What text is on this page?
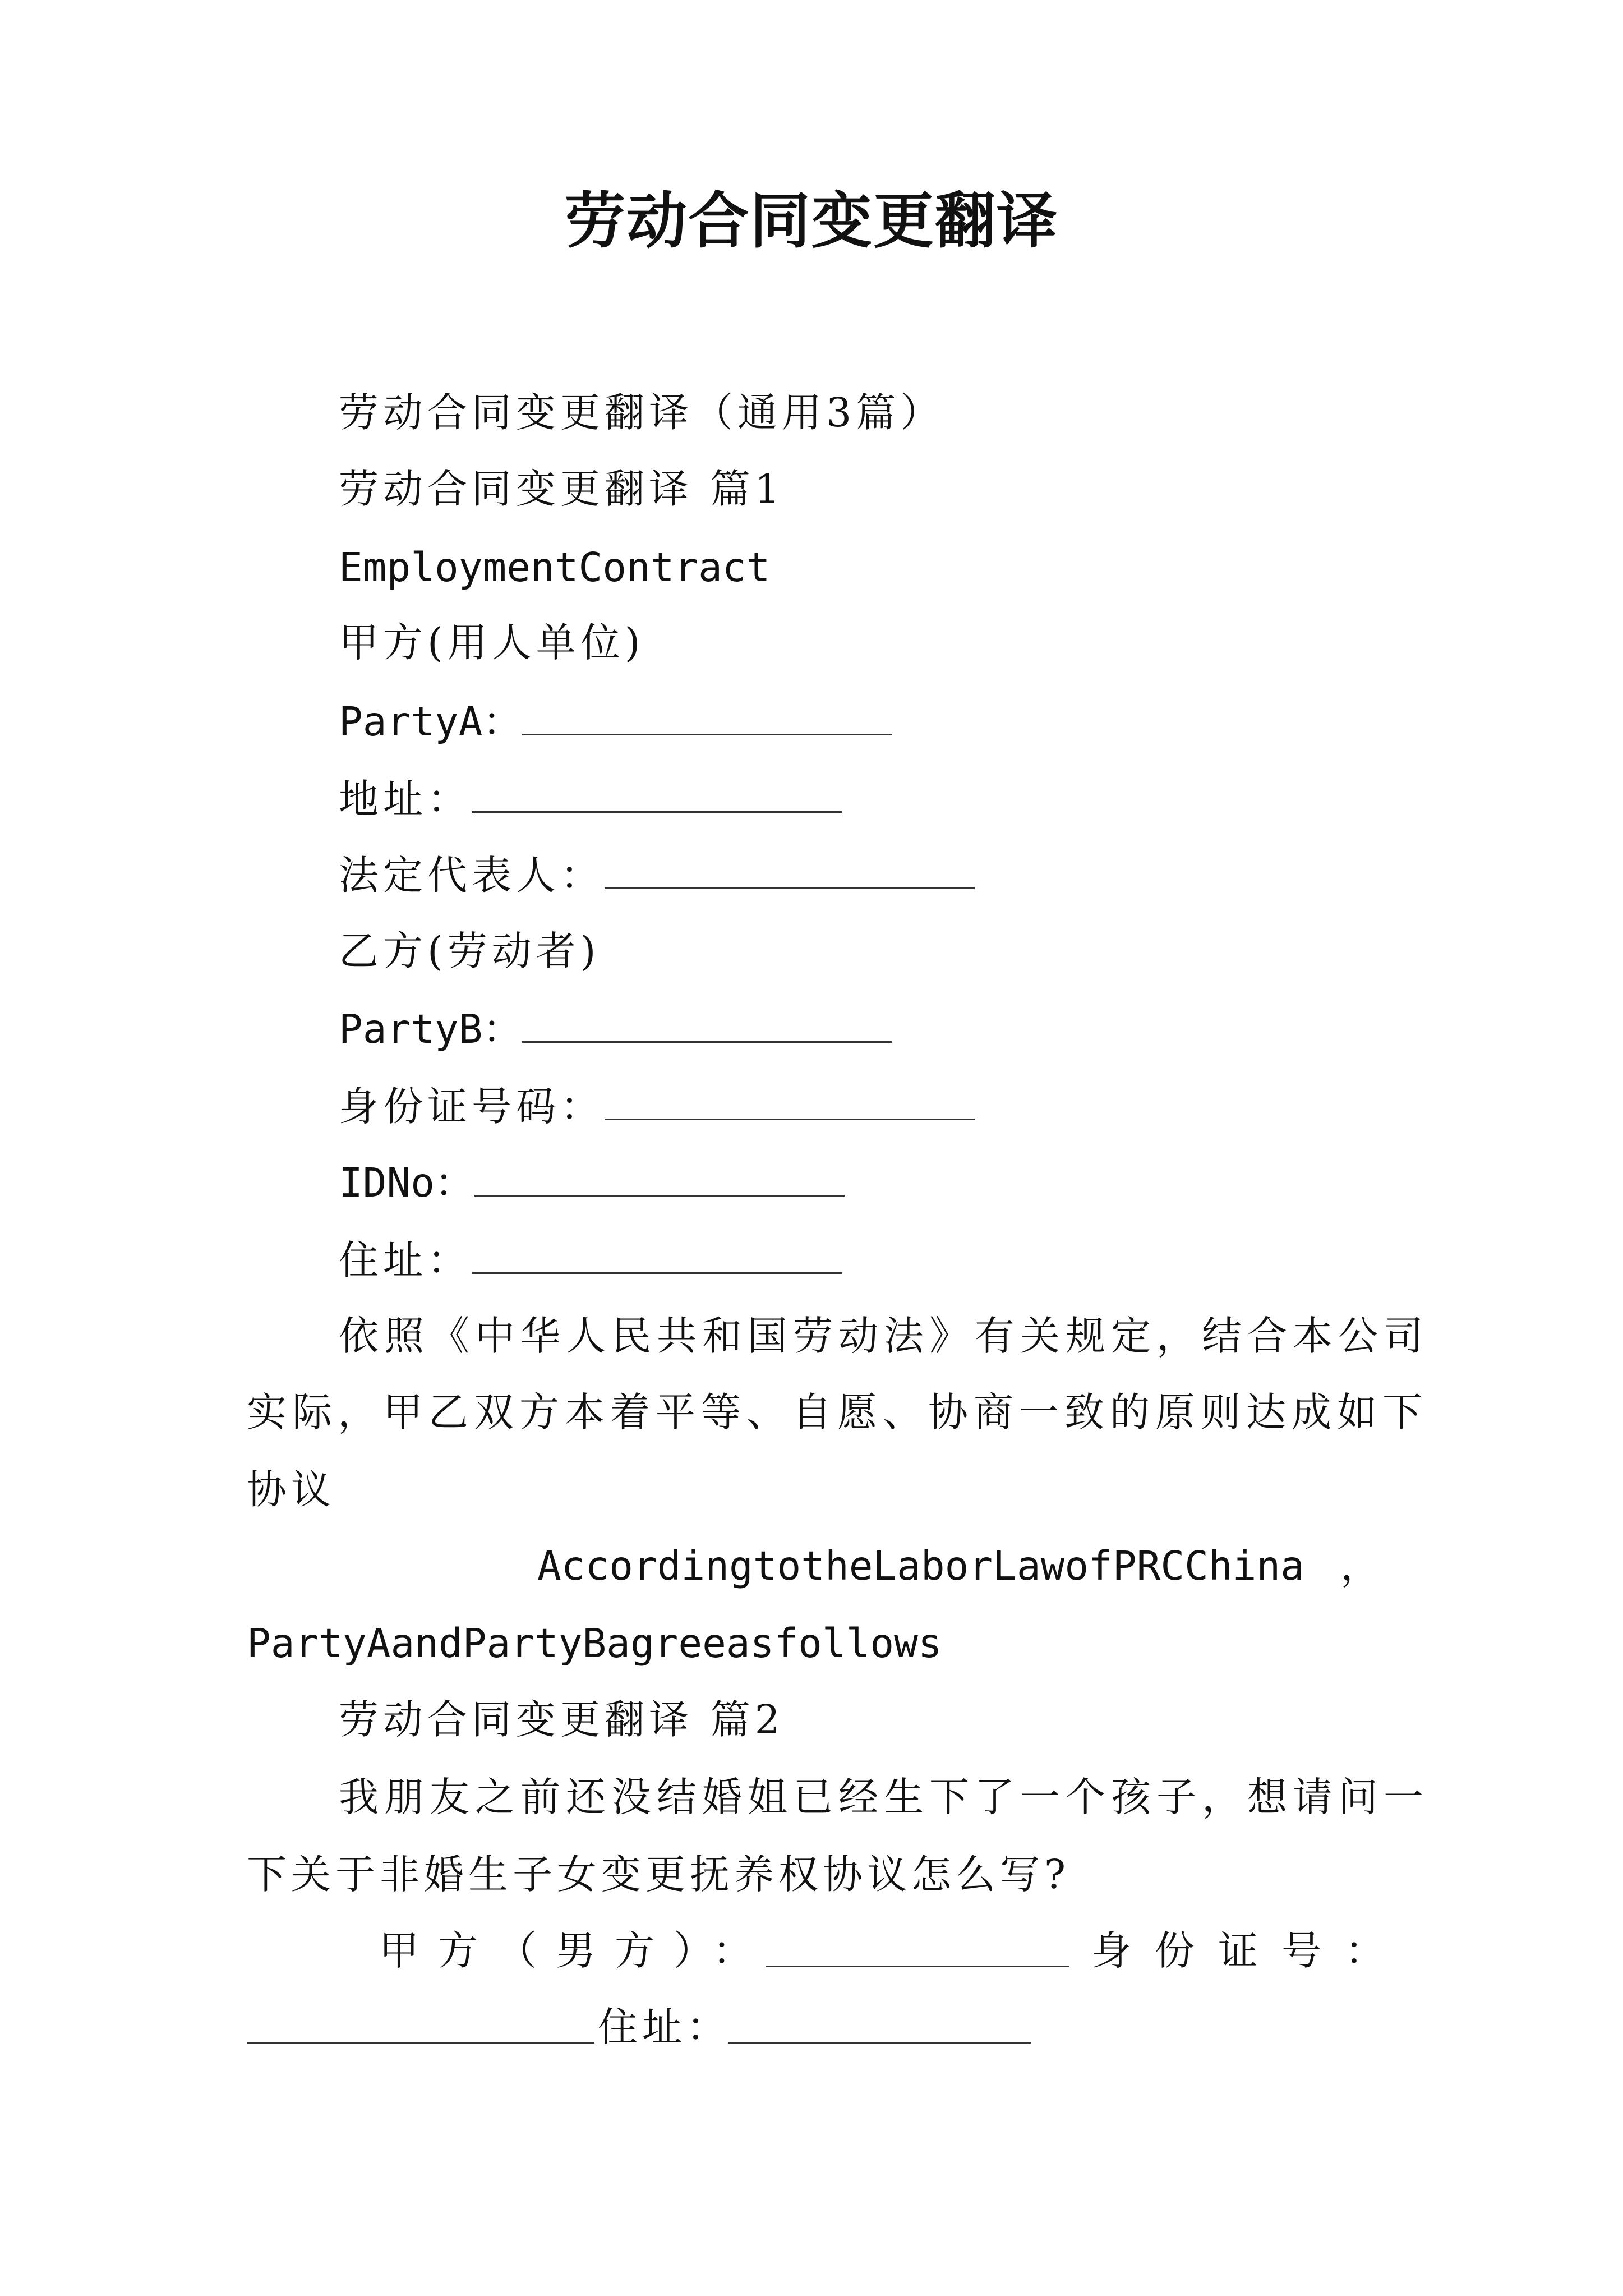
劳动合同变更翻译
劳动合同变更翻译（通用3篇）
劳动合同变更翻译 篇1
EmploymentContract
甲方(用人单位)
PartyA：
地址：
法定代表人：
乙方(劳动者)
PartyB：
身份证号码：
IDNo：
住址：
依照《中华人民共和国劳动法》有关规定，结合本公司
实际，甲乙双方本着平等、自愿、协商一致的原则达成如下
协议
AccordingtotheLaborLawofPRCChina ，
PartyAandPartyBagreeasfollows
劳动合同变更翻译 篇2
我朋友之前还没结婚姐已经生下了一个孩子，想请问一
下关于非婚生子女变更抚养权协议怎么写?
甲方（男方）：	身份证号：
住址：
